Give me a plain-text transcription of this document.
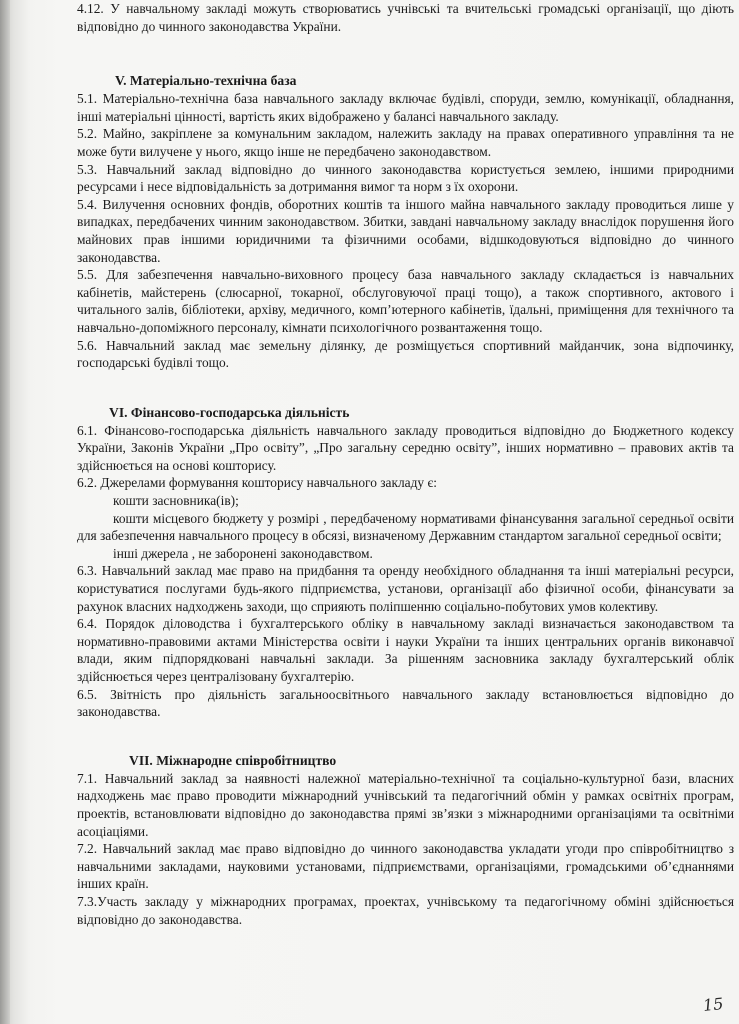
4.12. У навчальному закладі можуть створюватись учнівські та вчительські громадські організації, що діють відповідно до чинного законодавства України.

V. Матеріально-технічна база

5.1. Матеріально-технічна база навчального закладу включає будівлі, споруди, землю, комунікації, обладнання, інші матеріальні цінності, вартість яких відображено у балансі навчального закладу.

5.2. Майно, закріплене за комунальним закладом, належить закладу на правах оперативного управління та не може бути вилучене у нього, якщо інше не передбачено законодавством.

5.3. Навчальний заклад відповідно до чинного законодавства користується землею, іншими природними ресурсами і несе відповідальність за дотримання вимог та норм з їх охорони.

5.4. Вилучення основних фондів, оборотних коштів та іншого майна навчального закладу проводиться лише у випадках, передбачених чинним законодавством. Збитки, завдані навчальному закладу внаслідок порушення його майнових прав іншими юридичними та фізичними особами, відшкодовуються відповідно до чинного законодавства.

5.5. Для забезпечення навчально-виховного процесу база навчального закладу складається із навчальних кабінетів, майстерень (слюсарної, токарної, обслуговуючої праці тощо), а також спортивного, актового і читального залів, бібліотеки, архіву, медичного, комп’ютерного кабінетів, їдальні, приміщення для технічного та навчально-допоміжного персоналу, кімнати психологічного розвантаження тощо.

5.6. Навчальний заклад має земельну ділянку, де розміщується спортивний майданчик, зона відпочинку, господарські будівлі тощо.

VI. Фінансово-господарська діяльність

6.1. Фінансово-господарська діяльність навчального закладу проводиться відповідно до Бюджетного кодексу України, Законів України „Про освіту”, „Про загальну середню освіту”, інших нормативно – правових актів та здійснюється на основі кошторису.

6.2. Джерелами формування кошторису навчального закладу є:

кошти засновника(ів);

кошти місцевого бюджету у розмірі , передбаченому нормативами фінансування загальної середньої освіти для забезпечення навчального процесу в обсязі, визначеному Державним стандартом загальної середньої освіти;

інші джерела , не заборонені законодавством.

6.3. Навчальний заклад має право на придбання та оренду необхідного обладнання та інші матеріальні ресурси, користуватися послугами будь-якого підприємства, установи, організації або фізичної особи, фінансувати за рахунок власних надходжень заходи, що сприяють поліпшенню соціально-побутових умов колективу.

6.4. Порядок діловодства і бухгалтерського обліку в навчальному закладі визначається законодавством та нормативно-правовими актами Міністерства освіти і науки України та інших центральних органів виконавчої влади, яким підпорядковані навчальні заклади. За рішенням засновника закладу бухгалтерський облік здійснюється через централізовану бухгалтерію.

6.5. Звітність про діяльність загальноосвітнього навчального закладу встановлюється відповідно до законодавства.

VII. Міжнародне співробітництво

7.1. Навчальний заклад за наявності належної матеріально-технічної та соціально-культурної бази, власних надходжень має право проводити міжнародний учнівський та педагогічний обмін у рамках освітніх програм, проектів, встановлювати відповідно до законодавства прямі зв’язки з міжнародними організаціями та освітніми асоціаціями.

7.2. Навчальний заклад має право відповідно до чинного законодавства укладати угоди про співробітництво з навчальними закладами, науковими установами, підприємствами, організаціями, громадськими об’єднаннями інших країн.

7.3.Участь закладу у міжнародних програмах, проектах, учнівському та педагогічному обміні здійснюється відповідно до законодавства.

15
